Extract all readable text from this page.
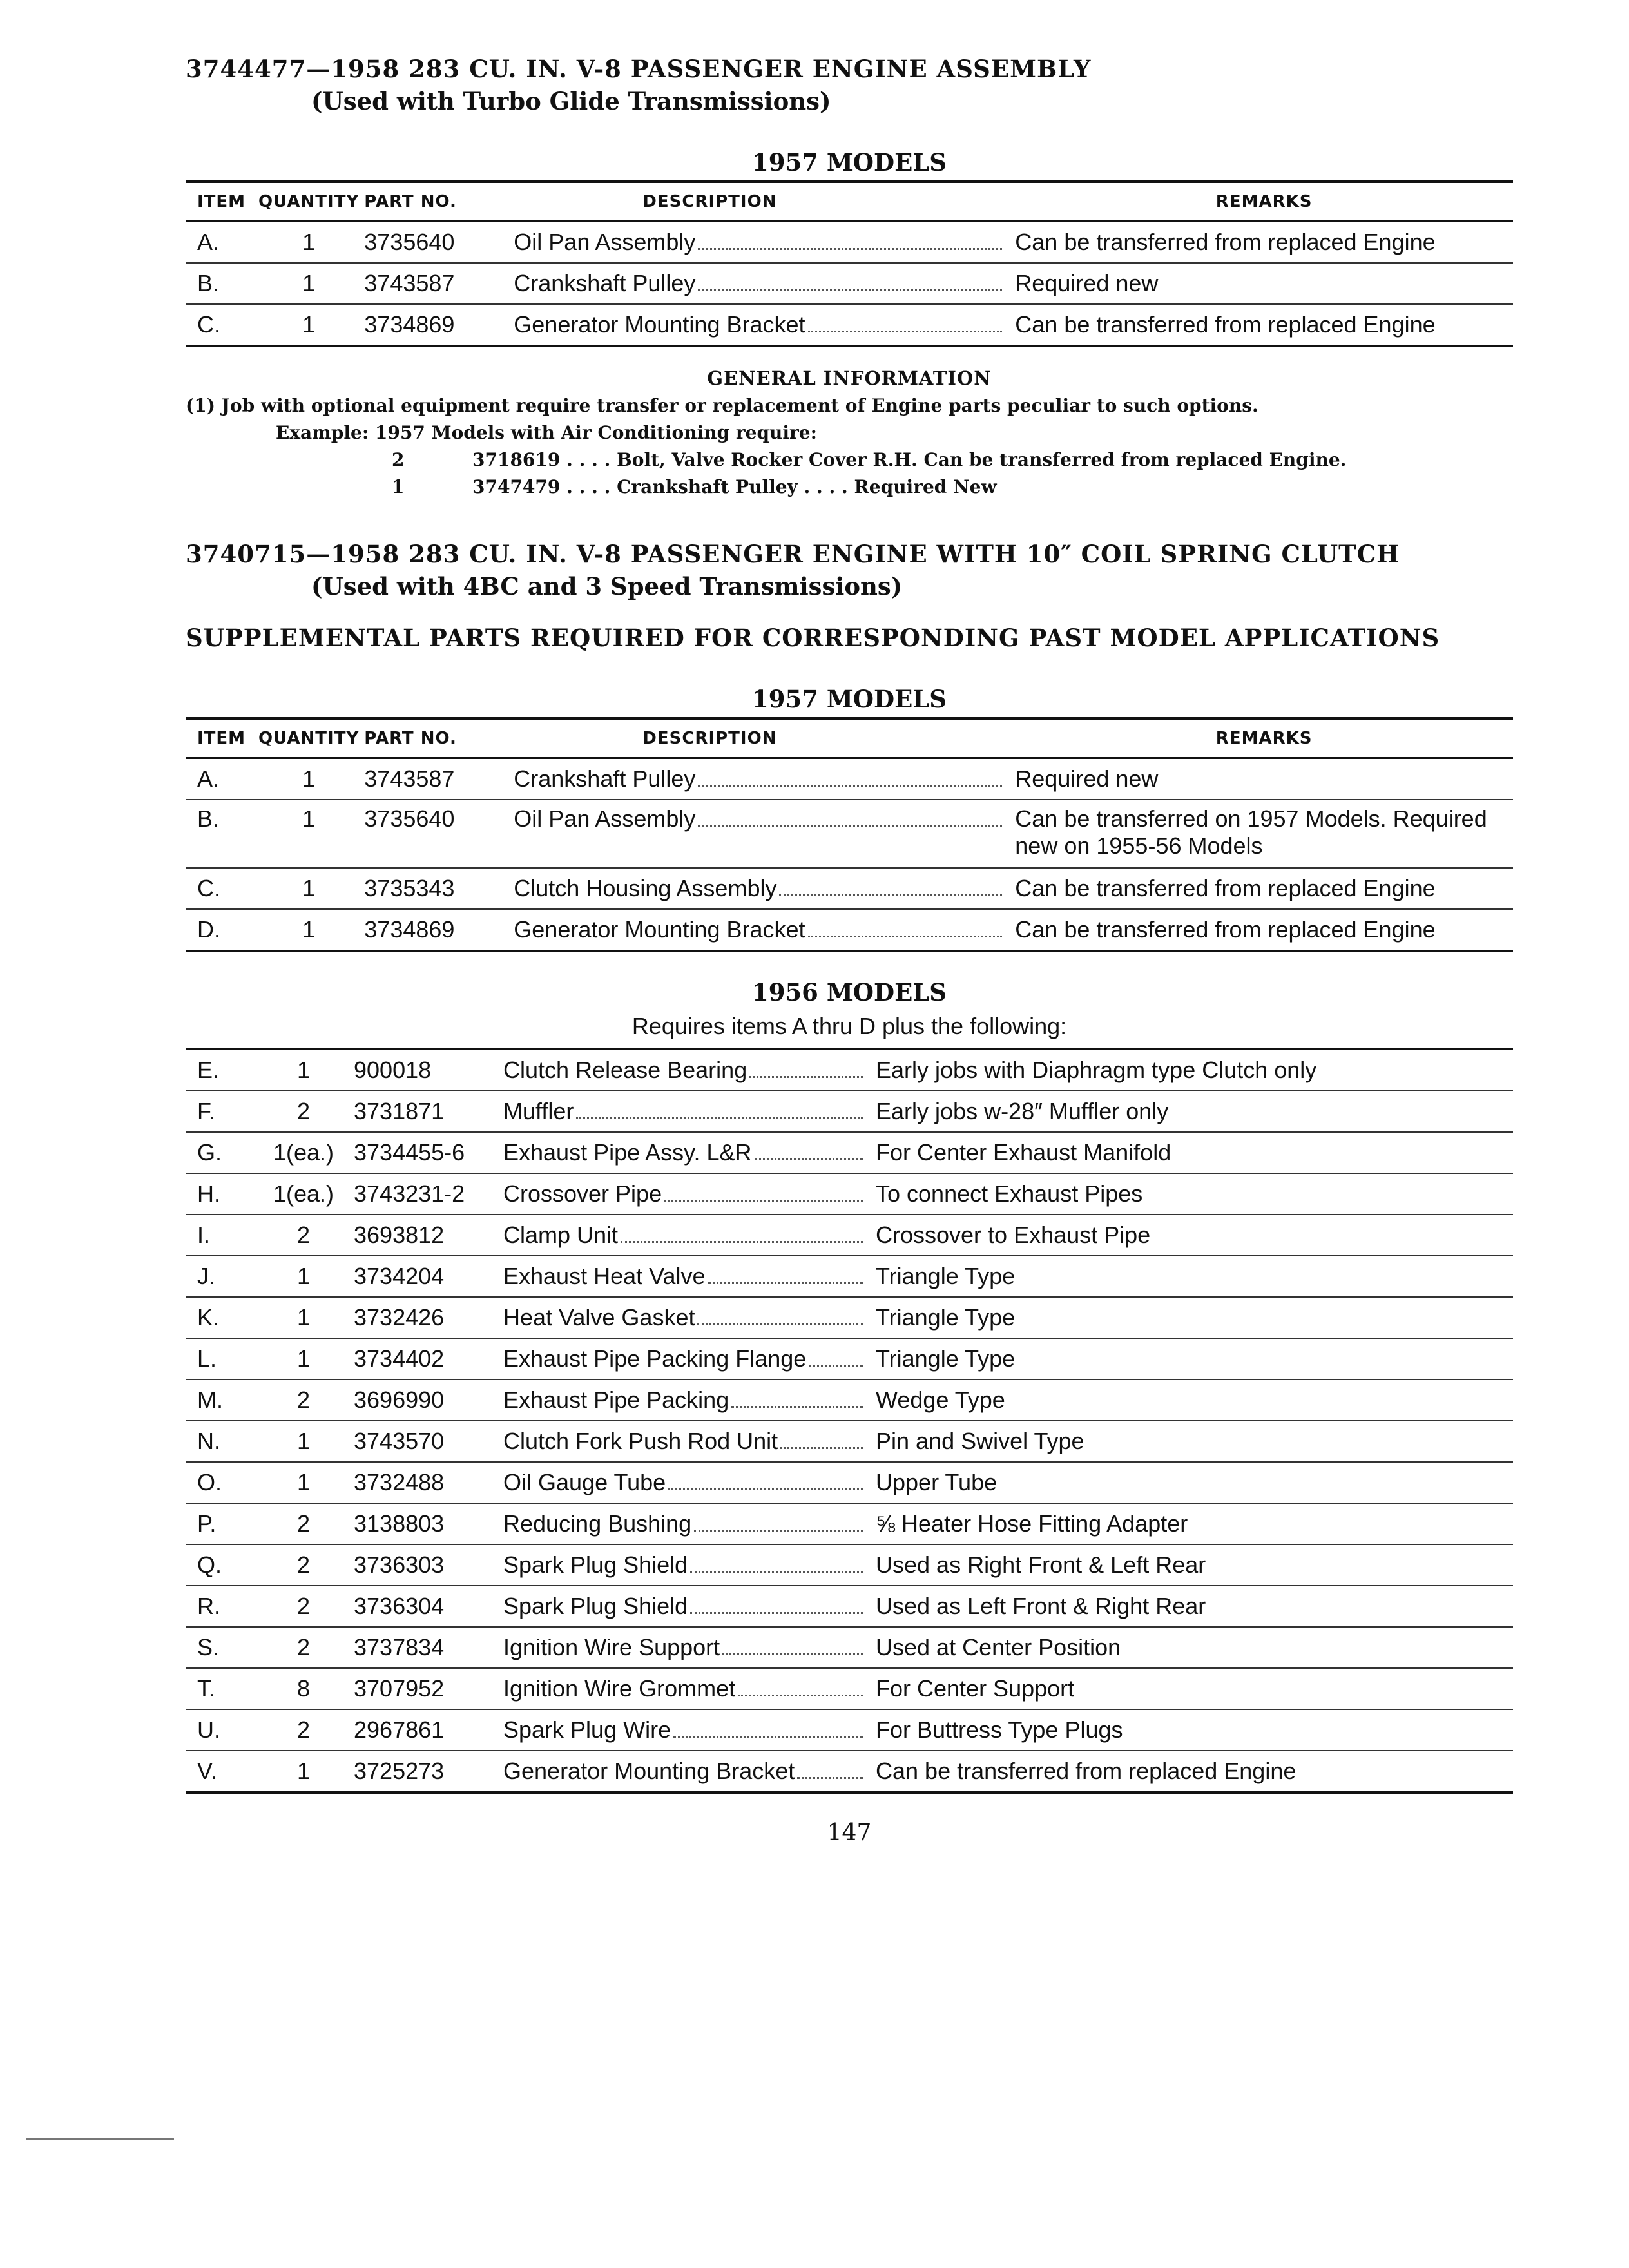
3744477—1958 283 CU. IN. V-8 PASSENGER ENGINE ASSEMBLY
(Used with Turbo Glide Transmissions)
1957 MODELS
ITEM	QUANTITY	PART NO.	DESCRIPTION	REMARKS
A.	1	3735640	Oil Pan Assembly	Can be transferred from replaced Engine
B.	1	3743587	Crankshaft Pulley	Required new
C.	1	3734869	Generator Mounting Bracket	Can be transferred from replaced Engine
GENERAL INFORMATION
(1) Job with optional equipment require transfer or replacement of Engine parts peculiar to such options.
Example: 1957 Models with Air Conditioning require:
2	3718619 . . . . Bolt, Valve Rocker Cover R.H. Can be transferred from replaced Engine.
1	3747479 . . . . Crankshaft Pulley . . . . Required New
3740715—1958 283 CU. IN. V-8 PASSENGER ENGINE WITH 10″ COIL SPRING CLUTCH
(Used with 4BC and 3 Speed Transmissions)
SUPPLEMENTAL PARTS REQUIRED FOR CORRESPONDING PAST MODEL APPLICATIONS
1957 MODELS
ITEM	QUANTITY	PART NO.	DESCRIPTION	REMARKS
A.	1	3743587	Crankshaft Pulley	Required new
B.	1	3735640	Oil Pan Assembly	Can be transferred on 1957 Models. Required new on 1955-56 Models
C.	1	3735343	Clutch Housing Assembly	Can be transferred from replaced Engine
D.	1	3734869	Generator Mounting Bracket	Can be transferred from replaced Engine
1956 MODELS
Requires items A thru D plus the following:
E.	1	900018	Clutch Release Bearing	Early jobs with Diaphragm type Clutch only
F.	2	3731871	Muffler	Early jobs w-28″ Muffler only
G.	1(ea.)	3734455-6	Exhaust Pipe Assy. L&R	For Center Exhaust Manifold
H.	1(ea.)	3743231-2	Crossover Pipe	To connect Exhaust Pipes
I.	2	3693812	Clamp Unit	Crossover to Exhaust Pipe
J.	1	3734204	Exhaust Heat Valve	Triangle Type
K.	1	3732426	Heat Valve Gasket	Triangle Type
L.	1	3734402	Exhaust Pipe Packing Flange	Triangle Type
M.	2	3696990	Exhaust Pipe Packing	Wedge Type
N.	1	3743570	Clutch Fork Push Rod Unit	Pin and Swivel Type
O.	1	3732488	Oil Gauge Tube	Upper Tube
P.	2	3138803	Reducing Bushing	⅝ Heater Hose Fitting Adapter
Q.	2	3736303	Spark Plug Shield	Used as Right Front & Left Rear
R.	2	3736304	Spark Plug Shield	Used as Left Front & Right Rear
S.	2	3737834	Ignition Wire Support	Used at Center Position
T.	8	3707952	Ignition Wire Grommet	For Center Support
U.	2	2967861	Spark Plug Wire	For Buttress Type Plugs
V.	1	3725273	Generator Mounting Bracket	Can be transferred from replaced Engine
147
